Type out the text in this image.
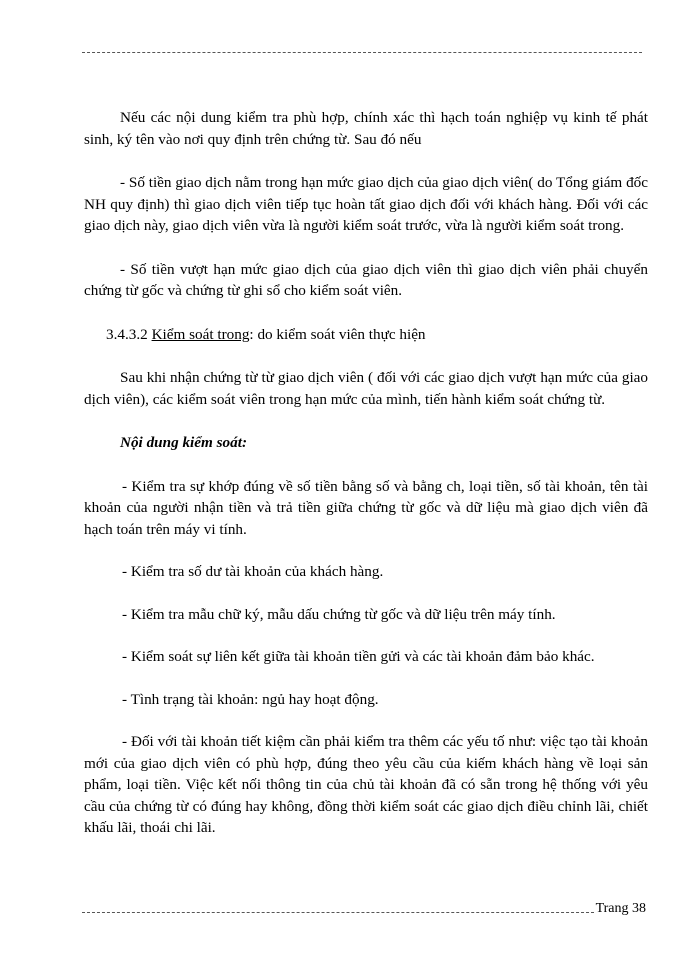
Nếu các nội dung kiểm tra phù hợp, chính xác thì hạch toán nghiệp vụ kinh tế phát sinh, ký tên vào nơi quy định trên chứng từ. Sau đó nếu

- Số tiền giao dịch nằm trong hạn mức giao dịch của giao dịch viên( do Tổng giám đốc NH quy định) thì giao dịch viên tiếp tục hoàn tất giao dịch đối với khách hàng. Đối với các giao dịch này, giao dịch viên vừa là người kiểm soát trước, vừa là người kiểm soát trong.

- Số tiền vượt hạn mức giao dịch của giao dịch viên thì giao dịch viên phải chuyển chứng từ gốc và chứng từ ghi sổ cho kiểm soát viên.

3.4.3.2 Kiểm soát trong: do kiểm soát viên thực hiện

Sau khi nhận chứng từ từ giao dịch viên ( đối với các giao dịch vượt hạn mức của giao dịch viên), các kiểm soát viên trong hạn mức của mình, tiến hành kiểm soát chứng từ.

Nội dung kiểm soát:

- Kiểm tra sự khớp đúng về số tiền bằng số và bằng ch, loại tiền, số tài khoản, tên tài khoản của người nhận tiền và trả tiền giữa chứng từ gốc và dữ liệu mà giao dịch viên đã hạch toán trên máy vi tính.

- Kiểm tra số dư tài khoản của khách hàng.

- Kiểm tra mẫu chữ ký, mẫu dấu chứng từ gốc và dữ liệu trên máy tính.

- Kiểm soát sự liên kết giữa tài khoản tiền gửi và các tài khoản đảm bảo khác.

- Tình trạng tài khoản: ngủ hay hoạt động.

- Đối với tài khoản tiết kiệm cần phải kiểm tra thêm các yếu tố như: việc tạo tài khoản mới của giao dịch viên có phù hợp, đúng theo yêu cầu của kiếm khách hàng về loại sản phẩm, loại tiền. Việc kết nối thông tin của chủ tài khoản đã có sẵn trong hệ thống với yêu cầu của chứng từ có đúng hay không, đồng thời kiểm soát các giao dịch điều chỉnh lãi, chiết khấu lãi, thoái chi lãi.

Trang 38
